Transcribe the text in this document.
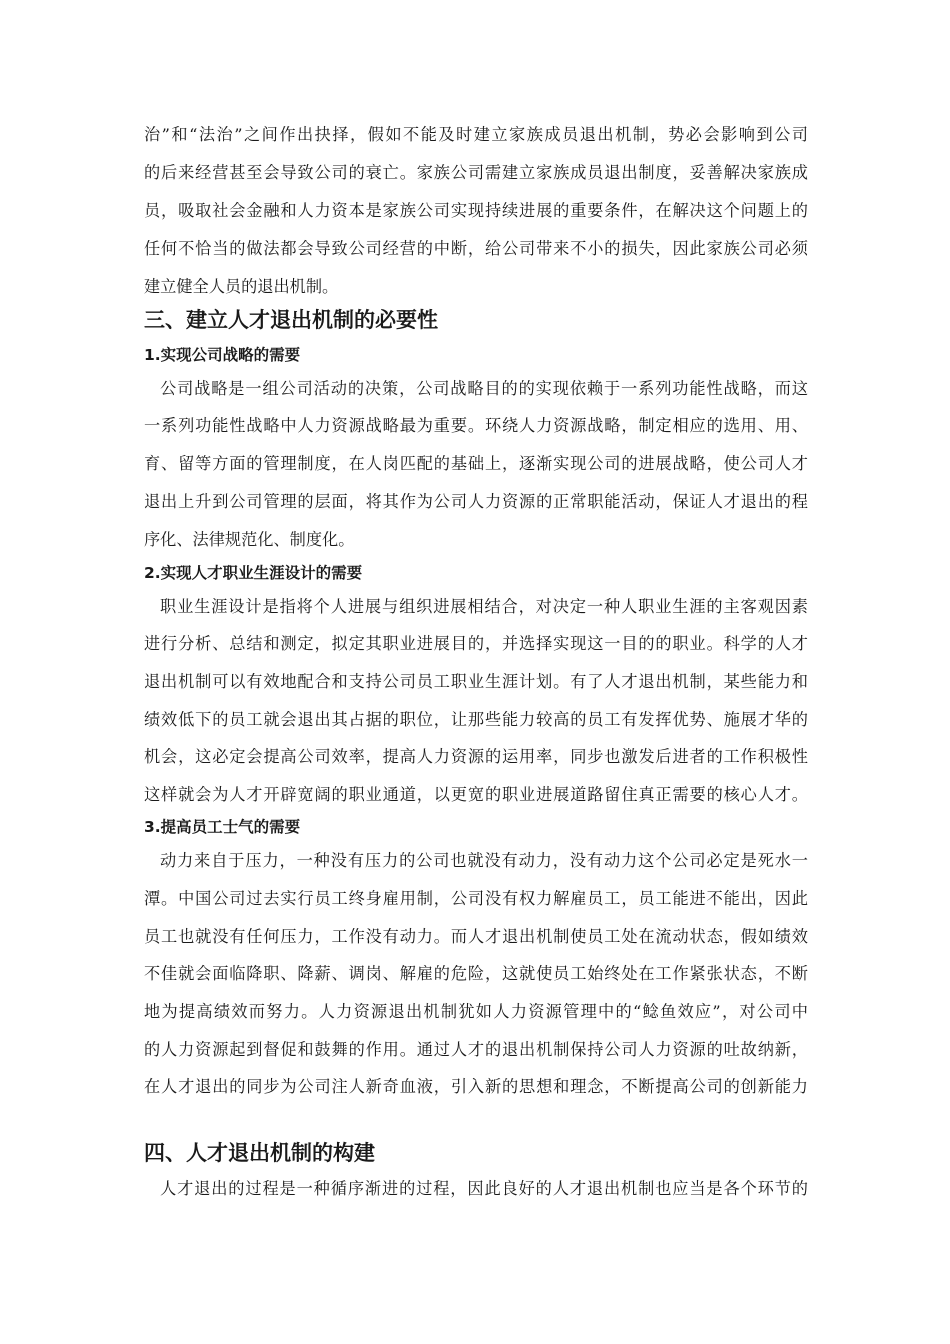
治”和“法治”之间作出抉择，假如不能及时建立家族成员退出机制，势必会影响到公司
的后来经营甚至会导致公司的衰亡。家族公司需建立家族成员退出制度，妥善解决家族成
员，吸取社会金融和人力资本是家族公司实现持续进展的重要条件，在解决这个问题上的
任何不恰当的做法都会导致公司经营的中断，给公司带来不小的损失，因此家族公司必须
建立健全人员的退出机制。
三、建立人才退出机制的必要性
1.实现公司战略的需要
公司战略是一组公司活动的决策，公司战略目的的实现依赖于一系列功能性战略，而这
一系列功能性战略中人力资源战略最为重要。环绕人力资源战略，制定相应的选用、用、
育、留等方面的管理制度，在人岗匹配的基础上，逐渐实现公司的进展战略，使公司人才
退出上升到公司管理的层面，将其作为公司人力资源的正常职能活动，保证人才退出的程
序化、法律规范化、制度化。
2.实现人才职业生涯设计的需要
职业生涯设计是指将个人进展与组织进展相结合，对决定一种人职业生涯的主客观因素
进行分析、总结和测定，拟定其职业进展目的，并选择实现这一目的的职业。科学的人才
退出机制可以有效地配合和支持公司员工职业生涯计划。有了人才退出机制，某些能力和
绩效低下的员工就会退出其占据的职位，让那些能力较高的员工有发挥优势、施展才华的
机会，这必定会提高公司效率，提高人力资源的运用率，同步也激发后进者的工作积极性
这样就会为人才开辟宽阔的职业通道，以更宽的职业进展道路留住真正需要的核心人才。
3.提高员工士气的需要
动力来自于压力，一种没有压力的公司也就没有动力，没有动力这个公司必定是死水一
潭。中国公司过去实行员工终身雇用制，公司没有权力解雇员工，员工能进不能出，因此
员工也就没有任何压力，工作没有动力。而人才退出机制使员工处在流动状态，假如绩效
不佳就会面临降职、降薪、调岗、解雇的危险，这就使员工始终处在工作紧张状态，不断
地为提高绩效而努力。人力资源退出机制犹如人力资源管理中的“鲶鱼效应”，对公司中
的人力资源起到督促和鼓舞的作用。通过人才的退出机制保持公司人力资源的吐故纳新，
在人才退出的同步为公司注人新奇血液，引入新的思想和理念，不断提高公司的创新能力
四、人才退出机制的构建
人才退出的过程是一种循序渐进的过程，因此良好的人才退出机制也应当是各个环节的
